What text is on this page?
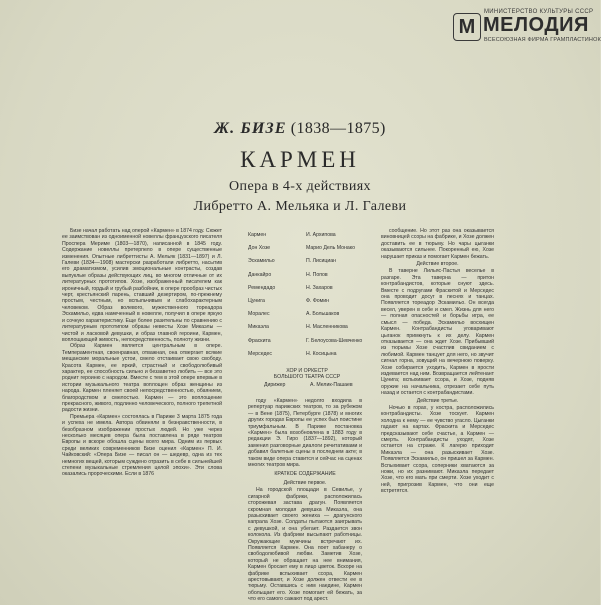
М
МИНИСТЕРСТВО КУЛЬТУРЫ СССР
МЕЛОДИЯ
ВСЕСОЮЗНАЯ ФИРМА ГРАМПЛАСТИНОК
Ж. БИЗЕ (1838—1875)
КАРМЕН
Опера в 4-х действиях
Либретто А. Мельяка и Л. Галеви

Бизе начал работать над оперой «Кармен» в 1874 году. Сюжет ее заимствован из одноименной новеллы французского писателя Проспера Мериме (1803—1870), написанной в 1845 году. Содержание новеллы претерпело в опере существенные изменения. Опытные либреттисты А. Мельяк (1831—1897) и Л. Галеви (1834—1908) мастерски разработали либретто, насытив его драматизмом, усилив эмоциональные контрасты, создав выпуклые образы действующих лиц, во многом отличные от их литературных прототипов. Хозе, изображенный писателем как ироничный, гордый и грубый разбойник, в опере прообраз чистых черт, крестьянский парень, ставший дезертиром, по-прежнему простым, честным, но вспыльчивым и слабохарактерным человеком. Образ волевого, мужественного тореадора Эскамильо, едва намеченный в новелле, получил в опере яркую и сочную характеристику. Еще более разительны по сравнению с литературным прототипом образы невесты Хозе Микаэлы — чистой и ласковой девушки, и образ главной героини, Кармен, воплощающей живость, непосредственность, полноту жизни.

Образ Кармен является центральным в опере. Темпераментная, своенравная, отважная, она отвергает всякие мещанские моральные устои, смело отстаивает свою свободу. Красота Кармен, ее яркий, страстный и свободолюбивый характер, ее способность сильно и беззаветно любить — все это роднит героиню с народом. Вместе с тем в этой опере впервые в истории музыкального театра воплощен образ женщины из народа. Кармен пленяет своей непосредственностью, обаянием, благородством и смелостью. Кармен — это воплощение прекрасного, живого, подлинно человеческого, полного трепетной радости жизни.

Премьера «Кармен» состоялась в Париже 3 марта 1875 года и успеха не имела. Автора обвиняли в безнравственности, в безобразном изображении простых людей. Но уже через несколько месяцев опера была поставлена в ряде театров Европы и вскоре обошла сцены всего мира. Одним из первых среди великих современников Бизе оценил «Кармен» П. И. Чайковский: «Опера Бизе — писал он — шедевр, одна из тех немногих вещей, которым суждено отразить в себе в сильнейшей степени музыкальные стремления целой эпохи». Эти слова оказались пророческими. Если в 1876

Кармен	И. Архипова
Дон Хозе	Марио Дель Монако
Эскамильо	П. Лисициан
Данкайро	Н. Попов
Ремендадо	Н. Захаров
Цунига	Ф. Фомин
Моралес	А. Большаков
Микаэла	Н. Масленникова
Фраскита	Г. Белоусова-Шевченко
Мерседес	Н. Косицына
ХОР И ОРКЕСТР
БОЛЬШОГО ТЕАТРА СССР
Дирижер	А. Мелик-Пашаев

году «Кармен» недолго входила в репертуар парижских театров, то за рубежом — в Вене (1875), Петербурге (1878) и многих других городах Европы ее успех был поистине триумфальным. В Париже постановка «Кармен» была возобновлена в 1883 году в редакции Э. Гиро (1837—1892), который заменил разговорные диалоги речитативами и добавил балетные сцены в последнем акте; в таком виде опера ставится и сейчас на сценах многих театров мира.

КРАТКОЕ СОДЕРЖАНИЕ
Действие первое.

На городской площади в Севилье, у сигарной фабрики, расположилась сторожевая застава драгун. Появляется скромная молодая девушка Микаэла, она разыскивает своего жениха — драгунского капрала Хозе. Солдаты пытаются заигрывать с девушкой, и она убегает. Раздается звон колокола. Из фабрики высыпают работницы. Окружающие мужчины встречают их. Появляется Кармен. Она поет хабанеру о свободолюбивой любви. Заметив Хозе, который не обращает на нее внимания, Кармен бросает ему в лицо цветок. Вскоре на фабрике вспыхивает ссора, Кармен арестовывают, и Хозе должен отвести ее в тюрьму. Оставшись с ним наедине, Кармен обольщает его. Хозе помогает ей бежать, за что его самого сажают под арест.

сообщение. Но этот раз она оказывается виновницей ссоры на фабрике, и Хозе должен доставить ее в тюрьму. Но чары цыганки оказываются сильнее. Покоренный ею, Хозе нарушает приказ и помогает Кармен бежать.

Действие второе.

В таверне Лильяс-Пастья веселье в разгаре. Эта таверна — притон контрабандистов, которые снуют здесь. Вместе с подругами Фраскитой и Мерседес она проводит досуг в песнях и танцах. Появляется тореадор Эскамильо. Он всегда весел, уверен в себе и смел. Жизнь для него — полная опасностей и борьбы игра, ее смысл — победа. Эскамильо восхищен Кармен. Контрабандисты уговаривают цыганок примкнуть к их делу. Кармен отказывается — она ждет Хозе. Прибывший из тюрьмы Хозе счастлив свиданием с любимой. Кармен танцует для него, но звучит сигнал горна, зовущий на вечернюю поверку. Хозе собирается уходить, Кармен в ярости издевается над ним. Возвращается лейтенант Цунига; вспыхивает ссора, и Хозе, подняв оружие на начальника, отрезает себе путь назад и остается с контрабандистами.

Действие третье.

Ночью в горах, у костра, расположились контрабандисты. Хозе тоскует. Кармен холодна к нему — ее чувство угасло. Цыганки гадают на картах. Фраскита и Мерседес предсказывают себе счастье, а Кармен — смерть. Контрабандисты уходят, Хозе остается на страже. К лагерю приходит Микаэла — она разыскивает Хозе. Появляется Эскамильо, он пришел за Кармен. Вспыхивает ссора, соперники хватаются за ножи, но их разнимают. Микаэла передает Хозе, что его мать при смерти. Хозе уходит с ней, пригрозив Кармен, что они еще встретятся.
